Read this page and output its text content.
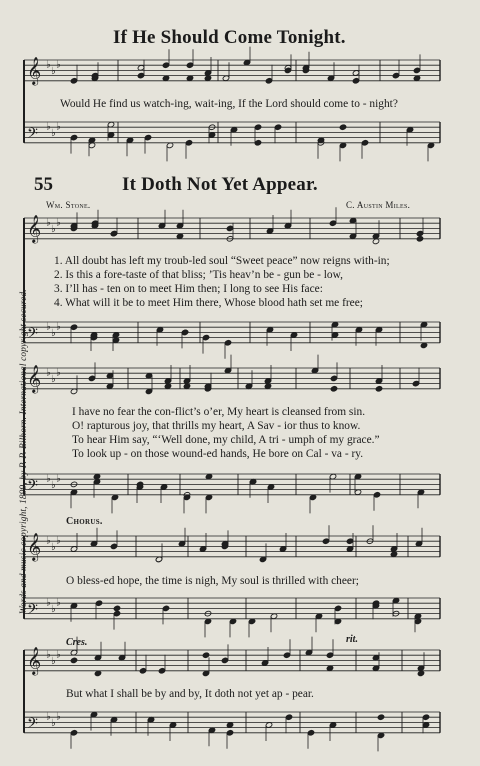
𝄞 ♭
♭
♭
𝄢 ♭
♭
♭
𝄞 ♭
♭
♭
𝄢 ♭
♭
♭
𝄞 ♭
♭
♭
𝄢 ♭
♭
♭
𝄞 ♭
♭
♭
𝄢 ♭
♭
♭
𝄞 ♭
♭
♭
𝄢 ♭
♭
♭
If He Should Come Tonight.
Would He find us watch-ing, wait-ing, If the Lord should come to - night?
55	It Doth Not Yet Appear.
Wm. Stone.	C. Austin Miles.
1. All doubt has left my troub-led soul “Sweet peace” now reigns with-in;
2. Is this a fore-taste of that bliss; ’Tis heav’n be - gun be - low,
3. I’ll has - ten on to meet Him then; I long to see His face:
4. What will it be to meet Him there, Whose blood hath set me free;
I have no fear the con-flict’s o’er, My heart is cleansed from sin.
O! rapturous joy, that thrills my heart, A Sav - ior thus to know.
To hear Him say, “‘Well done, my child, A tri - umph of my grace.”
To look up - on those wound-ed hands, He bore on Cal - va - ry.
Chorus.
O bless-ed hope, the time is nigh, My soul is thrilled with cheer;
Cres.	rit.
But what I shall be by and by, It doth not yet ap - pear.
Words and music copyright, 1899, by P. P. Bilhorn. International copyright secured.
